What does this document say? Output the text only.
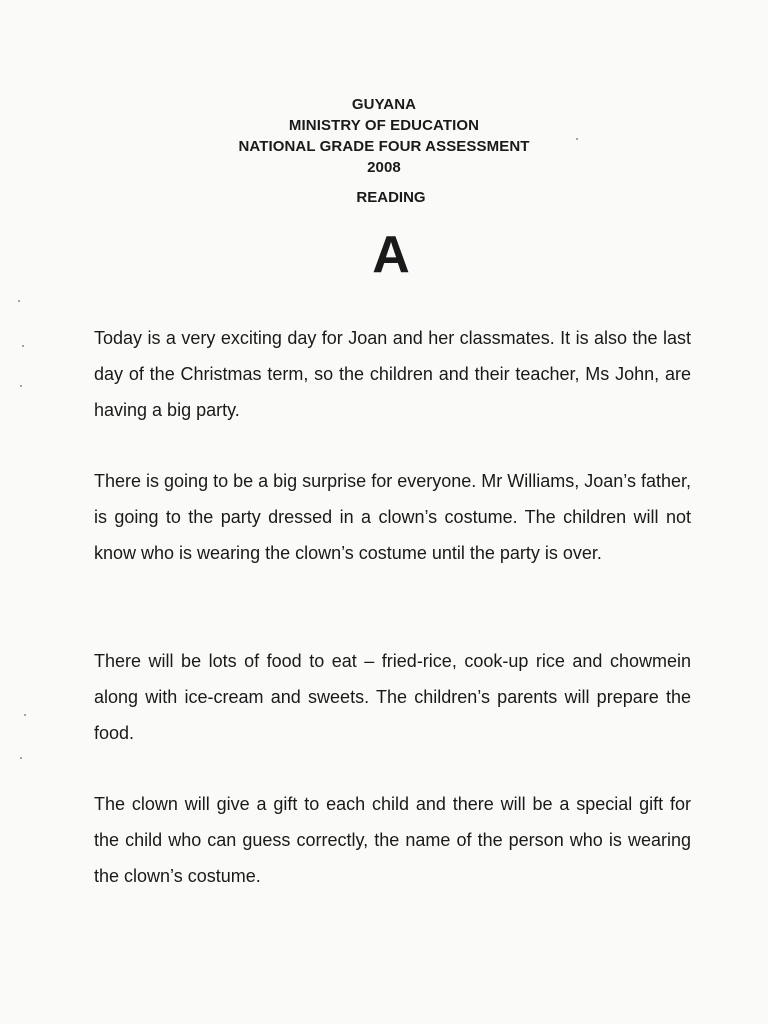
GUYANA
MINISTRY OF EDUCATION
NATIONAL GRADE FOUR ASSESSMENT
2008
READING
A

Today is a very exciting day for Joan and her classmates. It is also the last day of the Christmas term, so the children and their teacher, Ms John, are having a big party.

There is going to be a big surprise for everyone. Mr Williams, Joan’s father, is going to the party dressed in a clown’s costume. The children will not know who is wearing the clown’s costume until the party is over.

There will be lots of food to eat – fried-rice, cook-up rice and chowmein along with ice-cream and sweets. The children’s parents will prepare the food.

The clown will give a gift to each child and there will be a special gift for the child who can guess correctly, the name of the person who is wearing the clown’s costume.
